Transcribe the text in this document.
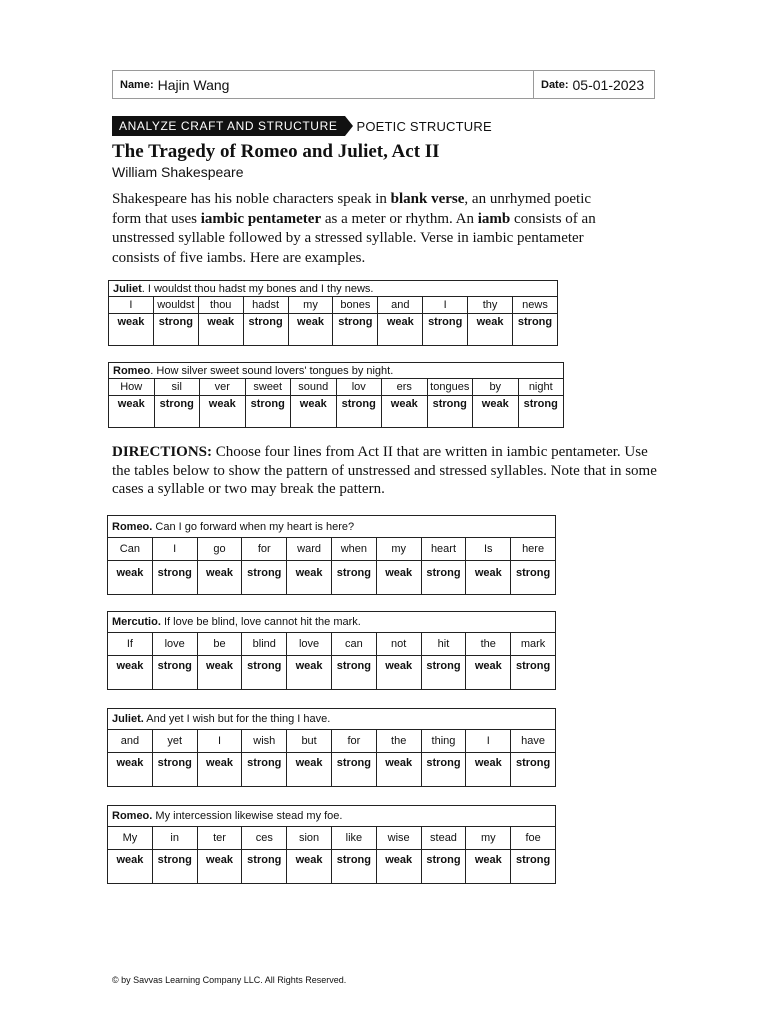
Name: Hajin Wang	Date: 05-01-2023
ANALYZE CRAFT AND STRUCTURE	POETIC STRUCTURE
The Tragedy of Romeo and Juliet, Act II
William Shakespeare

Shakespeare has his noble characters speak in blank verse, an unrhymed poetic form that uses iambic pentameter as a meter or rhythm. An iamb consists of an unstressed syllable followed by a stressed syllable. Verse in iambic pentameter consists of five iambs. Here are examples.

Juliet. I wouldst thou hadst my bones and I thy news.									
I	wouldst	thou	hadst	my	bones	and	I	thy	news
weak	strong	weak	strong	weak	strong	weak	strong	weak	strong
Romeo. How silver sweet sound lovers' tongues by night.									
How	sil	ver	sweet	sound	lov	ers	tongues	by	night
weak	strong	weak	strong	weak	strong	weak	strong	weak	strong

DIRECTIONS: Choose four lines from Act II that are written in iambic pentameter. Use the tables below to show the pattern of unstressed and stressed syllables. Note that in some cases a syllable or two may break the pattern.

Romeo. Can I go forward when my heart is here?									
Can	I	go	for	ward	when	my	heart	Is	here
weak	strong	weak	strong	weak	strong	weak	strong	weak	strong
Mercutio. If love be blind, love cannot hit the mark.									
If	love	be	blind	love	can	not	hit	the	mark
weak	strong	weak	strong	weak	strong	weak	strong	weak	strong
Juliet. And yet I wish but for the thing I have.									
and	yet	I	wish	but	for	the	thing	I	have
weak	strong	weak	strong	weak	strong	weak	strong	weak	strong
Romeo. My intercession likewise stead my foe.									
My	in	ter	ces	sion	like	wise	stead	my	foe
weak	strong	weak	strong	weak	strong	weak	strong	weak	strong
© by Savvas Learning Company LLC. All Rights Reserved.
